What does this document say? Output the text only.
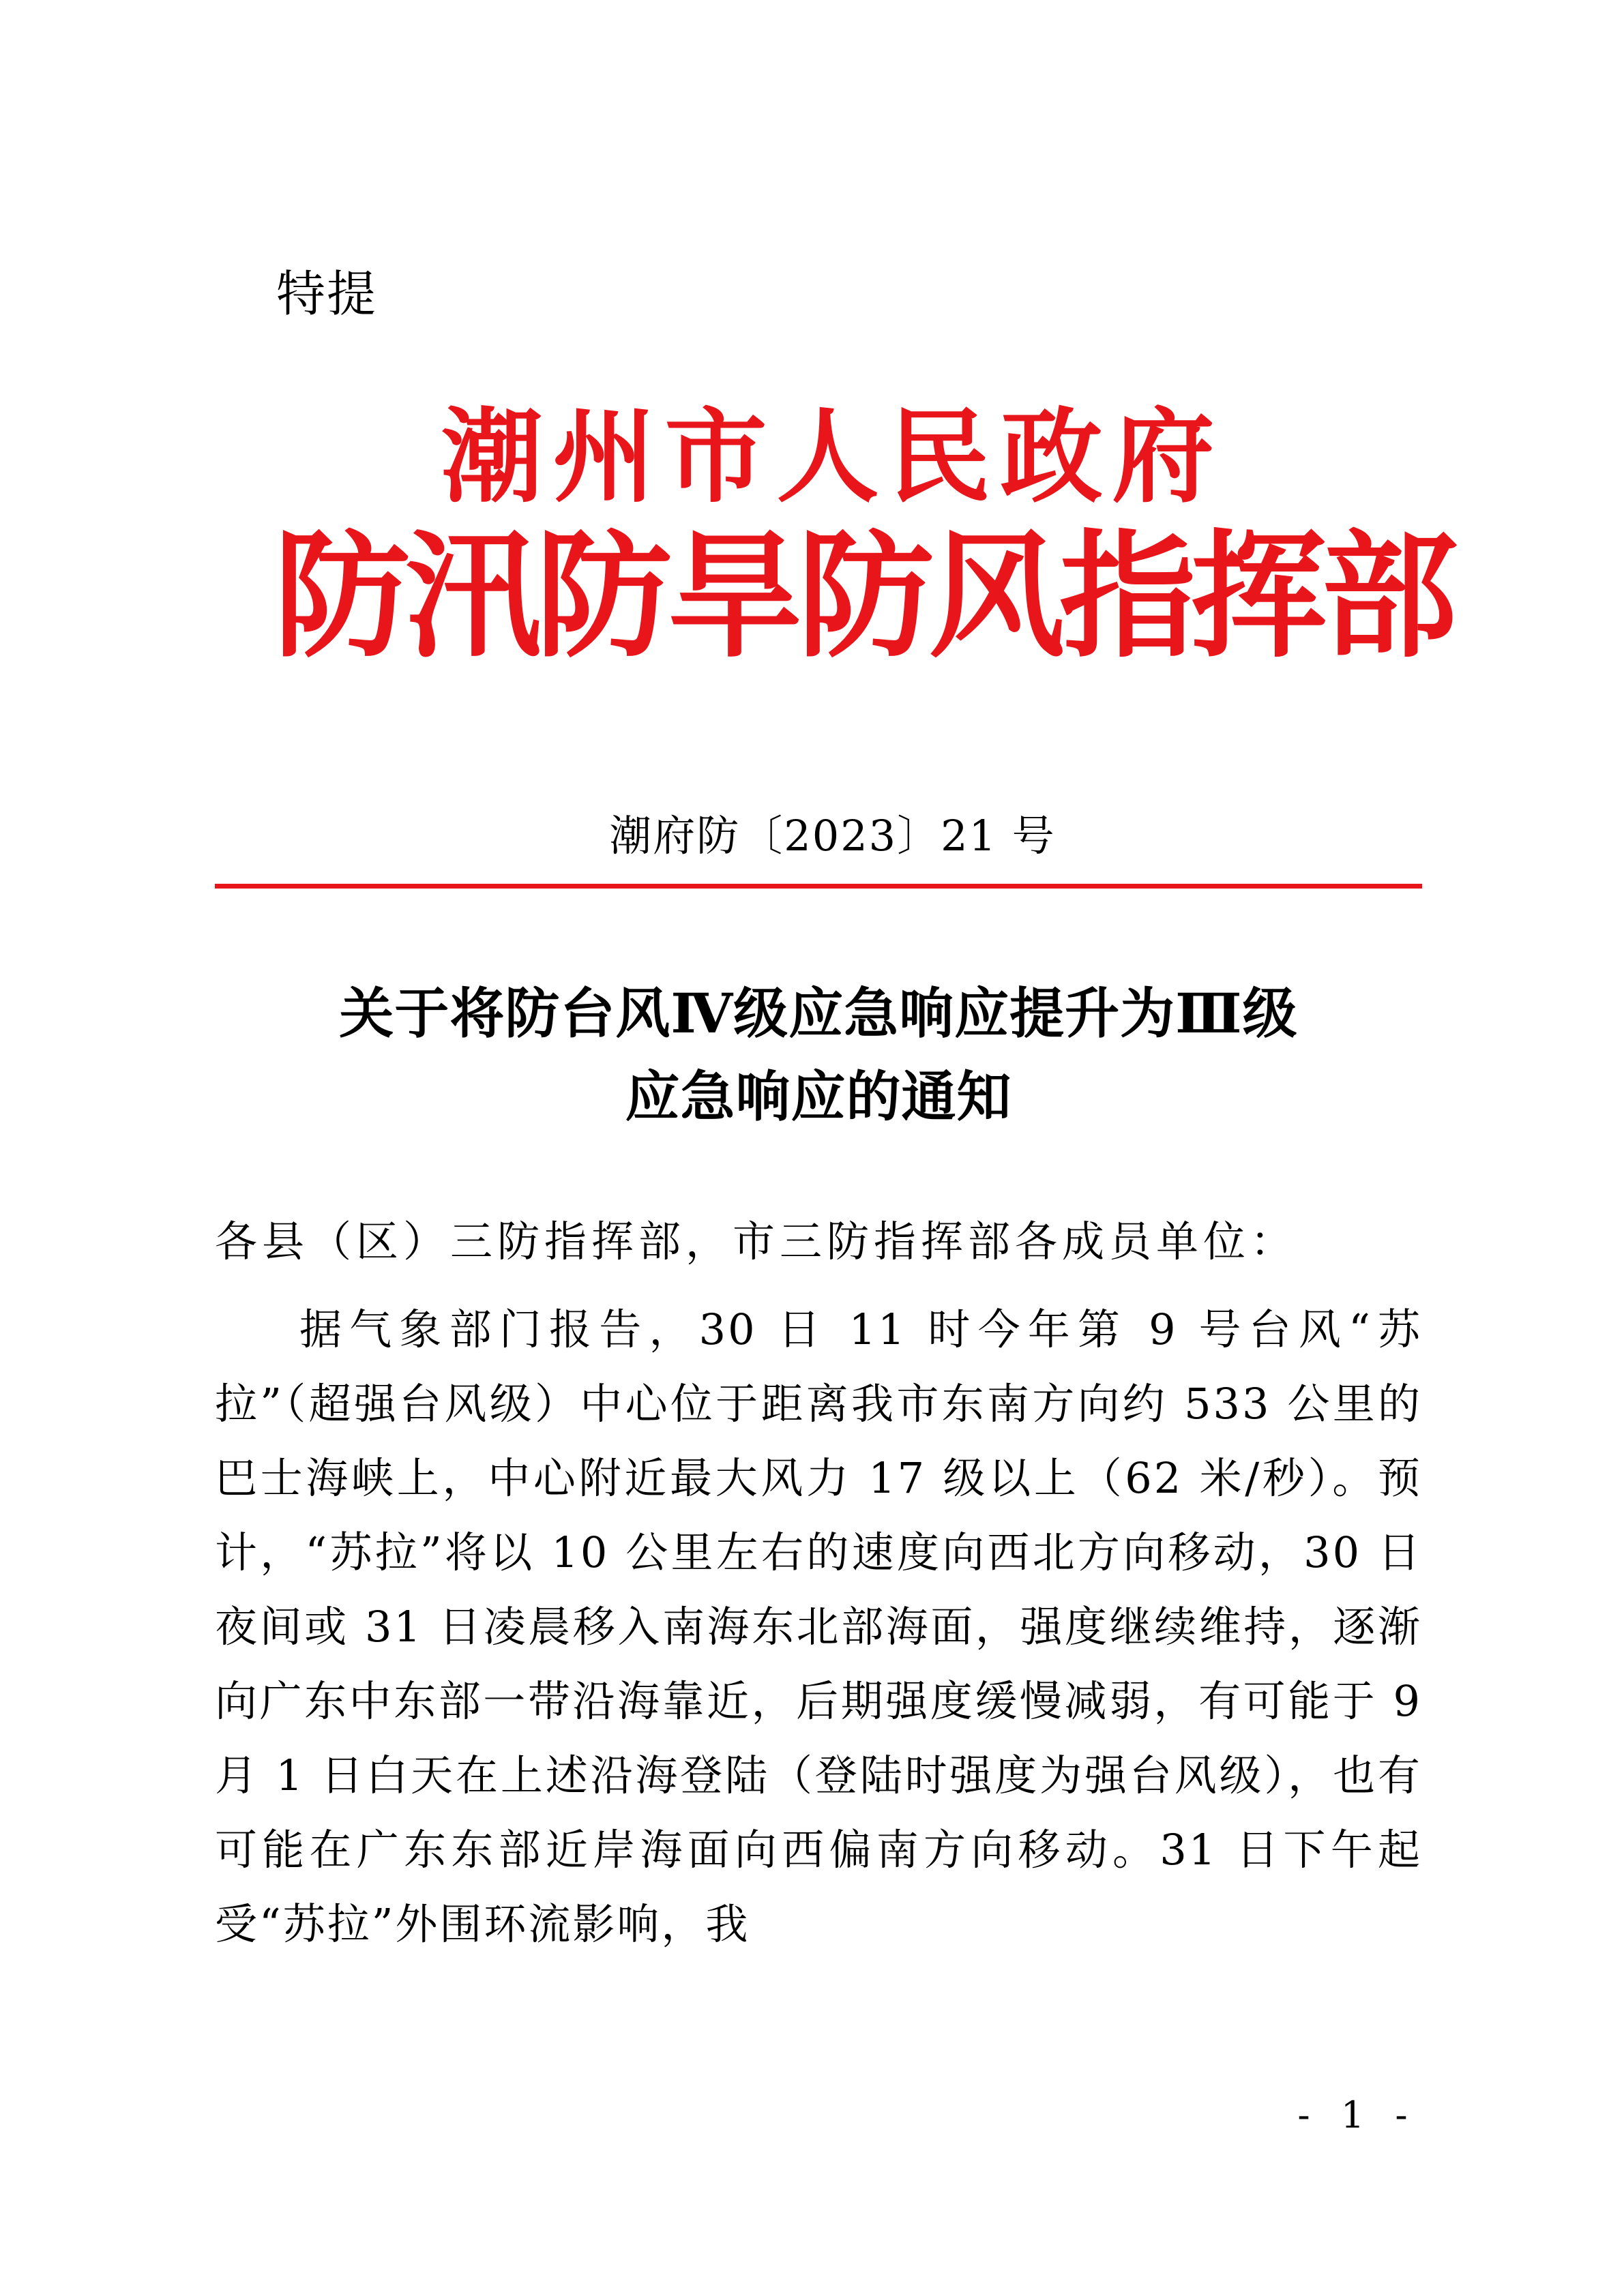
特提
潮州市人民政府
防汛防旱防风指挥部
潮府防〔2023〕21 号
关于将防台风Ⅳ级应急响应提升为Ⅲ级
应急响应的通知
各县（区）三防指挥部，市三防指挥部各成员单位：

据气象部门报告，30 日 11 时今年第 9 号台风“苏拉”（超强台风级）中心位于距离我市东南方向约 533 公里的巴士海峡上，中心附近最大风力 17 级以上（62 米/秒）。预计，“苏拉”将以 10 公里左右的速度向西北方向移动，30 日夜间或 31 日凌晨移入南海东北部海面，强度继续维持，逐渐向广东中东部一带沿海靠近，后期强度缓慢减弱，有可能于 9 月 1 日白天在上述沿海登陆（登陆时强度为强台风级），也有可能在广东东部近岸海面向西偏南方向移动。31 日下午起受“苏拉”外围环流影响，我

- 1 -
